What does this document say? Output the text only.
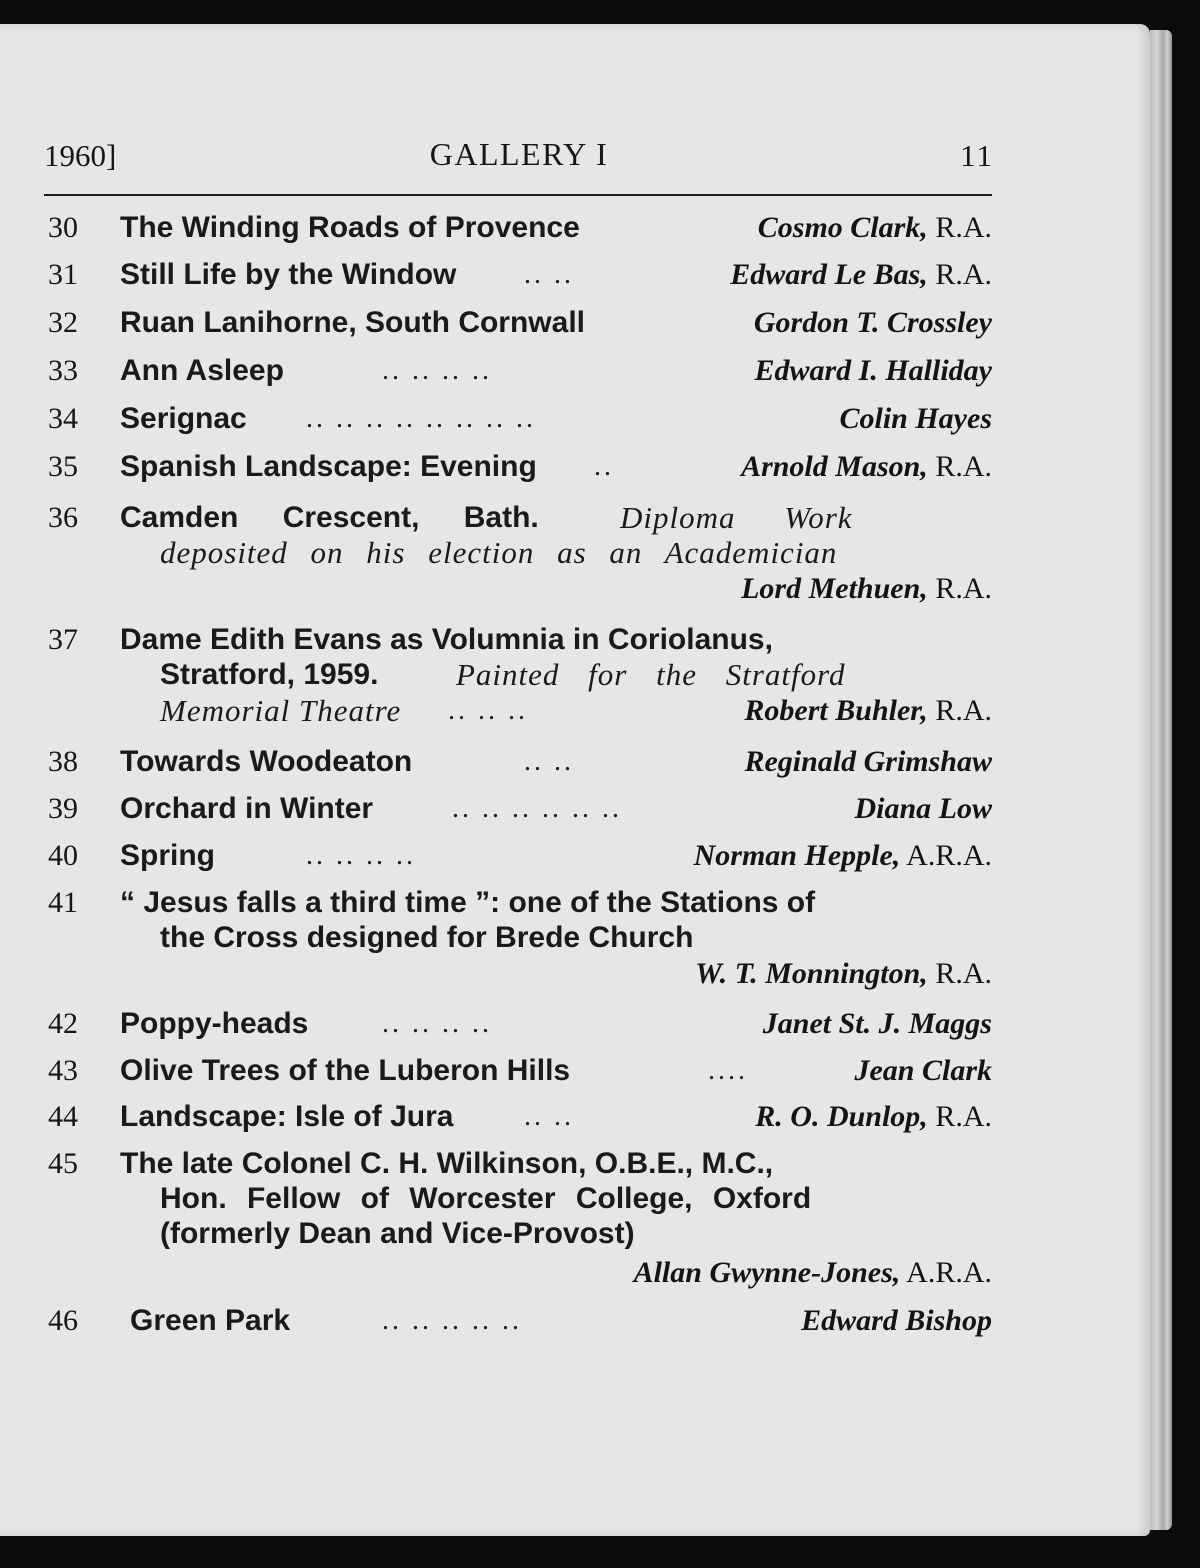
1960]	GALLERY I	11
30 The Winding Roads of Provence	Cosmo Clark, R.A.
31 Still Life by the Window .. ..	Edward Le Bas, R.A.
32 Ruan Lanihorne, South Cornwall	Gordon T. Crossley
33 Ann Asleep	.. .. .. ..	Edward I. Halliday
34 Serignac .. .. .. .. .. .. .. ..	Colin Hayes
35 Spanish Landscape: Evening ..	Arnold Mason, R.A.
36 Camden Crescent, Bath.	Diploma Work
deposited on his election as an Academician
Lord Methuen, R.A.
37 Dame Edith Evans as Volumnia in Coriolanus,
Stratford, 1959.	Painted for the Stratford
Memorial Theatre .. .. ..	Robert Buhler, R.A.
38 Towards Woodeaton	.. ..	Reginald Grimshaw
39 Orchard in Winter	.. .. .. .. .. ..	Diana Low
40 Spring	.. .. .. ..	Norman Hepple, A.R.A.
41 “ Jesus falls a third time ”: one of the Stations of
the Cross designed for Brede Church
W. T. Monnington, R.A.
42 Poppy-heads	.. .. .. ..	Janet St. J. Maggs
43 Olive Trees of the Luberon Hills	....	Jean Clark
44 Landscape: Isle of Jura	.. ..	R. O. Dunlop, R.A.
45 The late Colonel C. H. Wilkinson, O.B.E., M.C.,
Hon. Fellow of Worcester College, Oxford
(formerly Dean and Vice-Provost)
Allan Gwynne-Jones, A.R.A.
46 Green Park	.. .. .. .. ..	Edward Bishop
